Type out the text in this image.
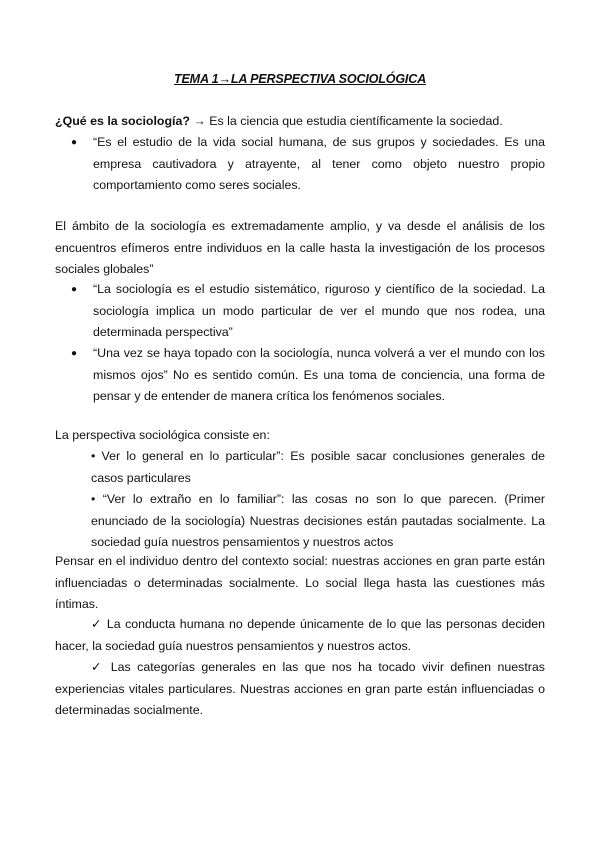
TEMA 1→LA PERSPECTIVA SOCIOLÓGICA
¿Qué es la sociología? → Es la ciencia que estudia científicamente la sociedad.
● “Es el estudio de la vida social humana, de sus grupos y sociedades. Es una empresa cautivadora y atrayente, al tener como objeto nuestro propio comportamiento como seres sociales.
El ámbito de la sociología es extremadamente amplio, y va desde el análisis de los encuentros efímeros entre individuos en la calle hasta la investigación de los procesos sociales globales”
● “La sociología es el estudio sistemático, riguroso y científico de la sociedad. La sociología implica un modo particular de ver el mundo que nos rodea, una determinada perspectiva”
● “Una vez se haya topado con la sociología, nunca volverá a ver el mundo con los mismos ojos” No es sentido común. Es una toma de conciencia, una forma de pensar y de entender de manera crítica los fenómenos sociales.
La perspectiva sociológica consiste en:
• Ver lo general en lo particular”: Es posible sacar conclusiones generales de casos particulares
• “Ver lo extraño en lo familiar”: las cosas no son lo que parecen. (Primer enunciado de la sociología) Nuestras decisiones están pautadas socialmente. La sociedad guía nuestros pensamientos y nuestros actos
Pensar en el individuo dentro del contexto social: nuestras acciones en gran parte están influenciadas o determinadas socialmente. Lo social llega hasta las cuestiones más íntimas.
✓ La conducta humana no depende únicamente de lo que las personas deciden hacer, la sociedad guía nuestros pensamientos y nuestros actos.
✓ Las categorías generales en las que nos ha tocado vivir definen nuestras experiencias vitales particulares. Nuestras acciones en gran parte están influenciadas o determinadas socialmente.
